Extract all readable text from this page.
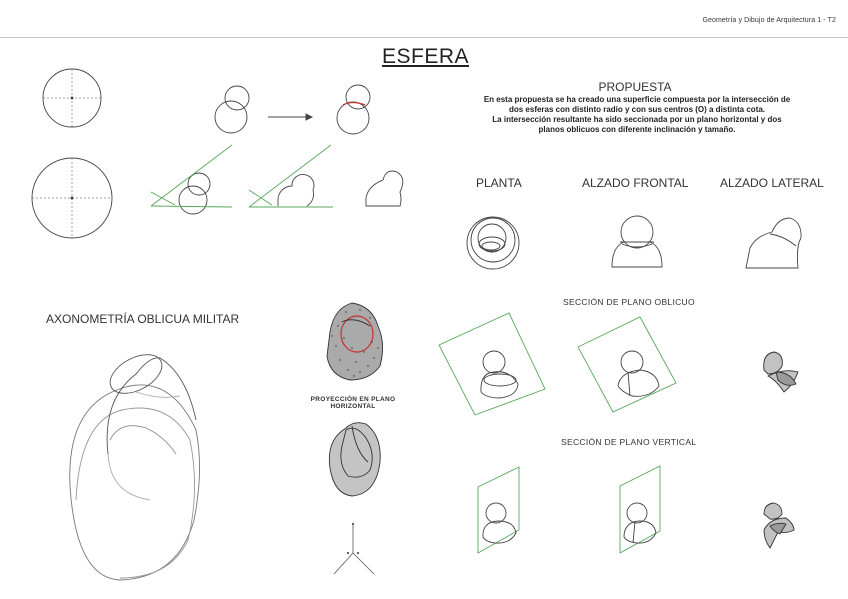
Geometría y Dibujo de Arquitectura 1 - T2
ESFERA
PROPUESTA
En esta propuesta se ha creado una superficie compuesta por la intersección de
dos esferas con distinto radio y con sus centros (O) a distinta cota.
La intersección resultante ha sido seccionada por un plano horizontal y dos
planos oblicuos con diferente inclinación y tamaño.
PLANTA	ALZADO FRONTAL	ALZADO LATERAL
SECCIÓN DE PLANO OBLICUO
SECCIÓN DE PLANO VERTICAL
AXONOMETRÍA OBLICUA MILITAR
PROYECCIÓN EN PLANO
HORIZONTAL
